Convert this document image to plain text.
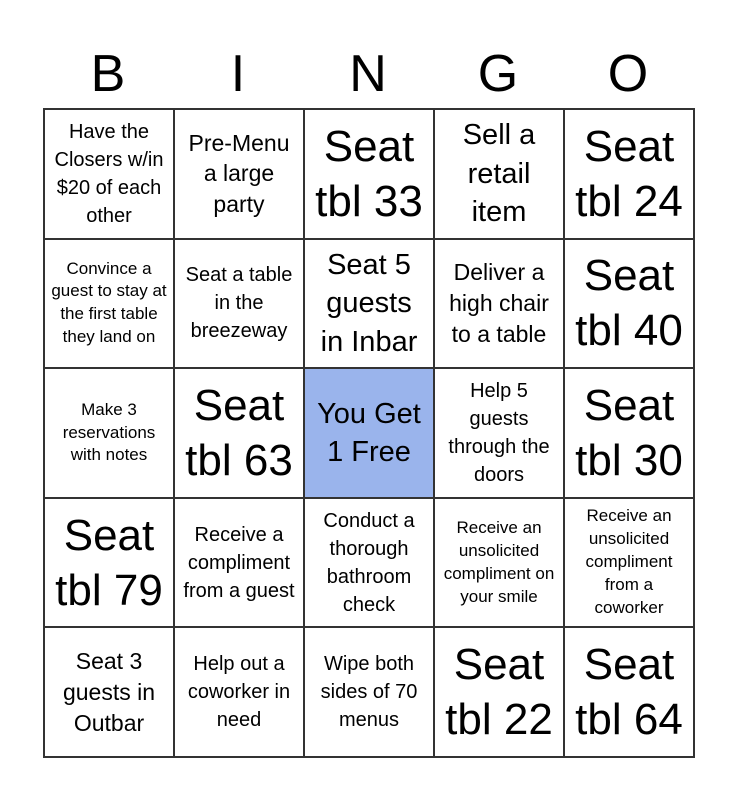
B	I	N	G	O
Have the Closers w/in $20 of each other
Pre-Menu a large party
Seat tbl 33
Sell a retail item
Seat tbl 24
Convince a guest to stay at the first table they land on
Seat a table in the breezeway
Seat 5 guests in Inbar
Deliver a high chair to a table
Seat tbl 40
Make 3 reservations with notes
Seat tbl 63
You Get 1 Free
Help 5 guests through the doors
Seat tbl 30
Seat tbl 79
Receive a compliment from a guest
Conduct a thorough bathroom check
Receive an unsolicited compliment on your smile
Receive an unsolicited compliment from a coworker
Seat 3 guests in Outbar
Help out a coworker in need
Wipe both sides of 70 menus
Seat tbl 22
Seat tbl 64
